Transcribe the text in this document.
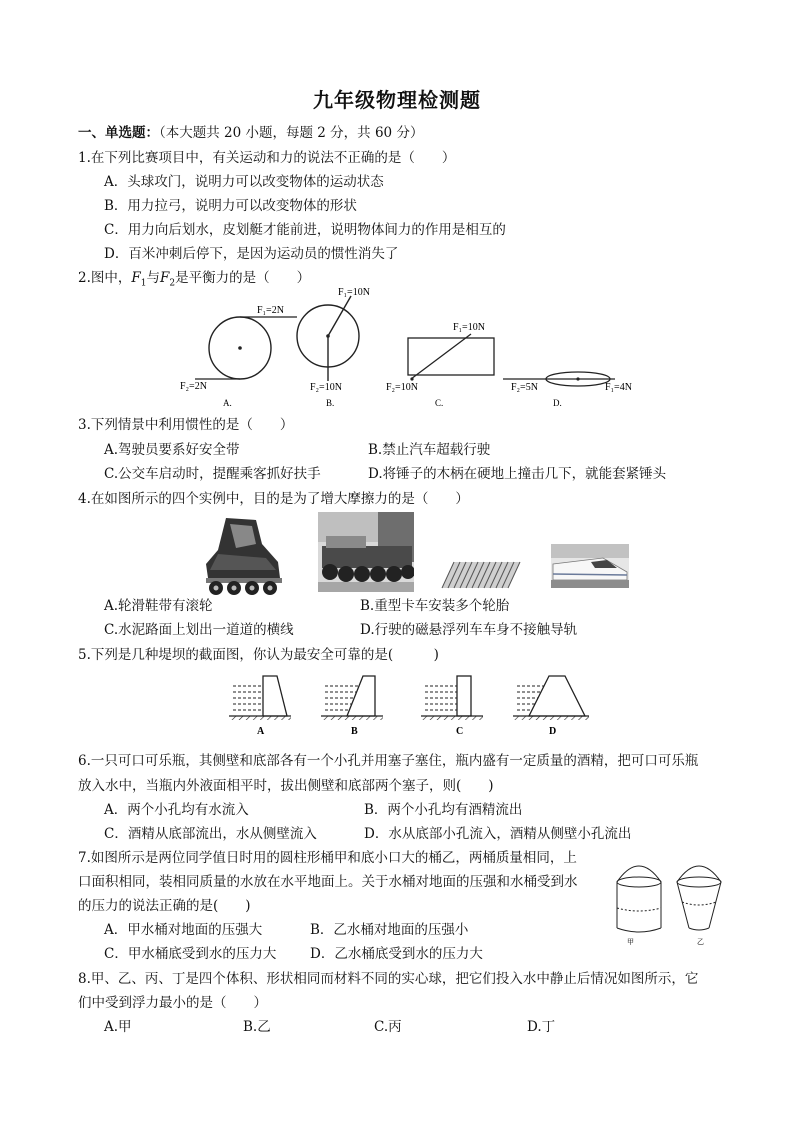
九年级物理检测题
一、单选题：（本大题共 20 小题，每题 2 分，共 60 分）
1.在下列比赛项目中，有关运动和力的说法不正确的是（　　）
A．头球攻门，说明力可以改变物体的运动状态
B．用力拉弓，说明力可以改变物体的形状
C．用力向后划水，皮划艇才能前进，说明物体间力的作用是相互的
D．百米冲刺后停下，是因为运动员的惯性消失了
2.图中，$F_1$与$F_2$是平衡力的是（　　）
F₁=2N
F₂=2N
A.
F₁=10N
F₂=10N
B.
F₁=10N
F₂=10N
C.
F₂=5N	F₁=4N
D.
3.下列情景中利用惯性的是（　　）
A.驾驶员要系好安全带	B.禁止汽车超载行驶
C.公交车启动时，提醒乘客抓好扶手	D.将锤子的木柄在硬地上撞击几下，就能套紧锤头
4.在如图所示的四个实例中，目的是为了增大摩擦力的是（　　）
A.轮滑鞋带有滚轮	B.重型卡车安装多个轮胎
C.水泥路面上划出一道道的横线	D.行驶的磁悬浮列车车身不接触导轨
5.下列是几种堤坝的截面图，你认为最安全可靠的是(　　　)
A	B	C	D
6.一只可口可乐瓶，其侧壁和底部各有一个小孔并用塞子塞住，瓶内盛有一定质量的酒精，把可口可乐瓶
放入水中，当瓶内外液面相平时，拔出侧壁和底部两个塞子，则(　　)
A．两个小孔均有水流入	B．两个小孔均有酒精流出
C．酒精从底部流出，水从侧壁流入	D．水从底部小孔流入，酒精从侧壁小孔流出
7.如图所示是两位同学值日时用的圆柱形桶甲和底小口大的桶乙，两桶质量相同，上
口面积相同，装相同质量的水放在水平地面上。关于水桶对地面的压强和水桶受到水
的压力的说法正确的是(　　)
A．甲水桶对地面的压强大	B．乙水桶对地面的压强小
C．甲水桶底受到水的压力大 D．乙水桶底受到水的压力大
甲	乙
8.甲、乙、丙、丁是四个体积、形状相同而材料不同的实心球，把它们投入水中静止后情况如图所示，它
们中受到浮力最小的是（　　）
A.甲	B.乙	C.丙	D.丁
